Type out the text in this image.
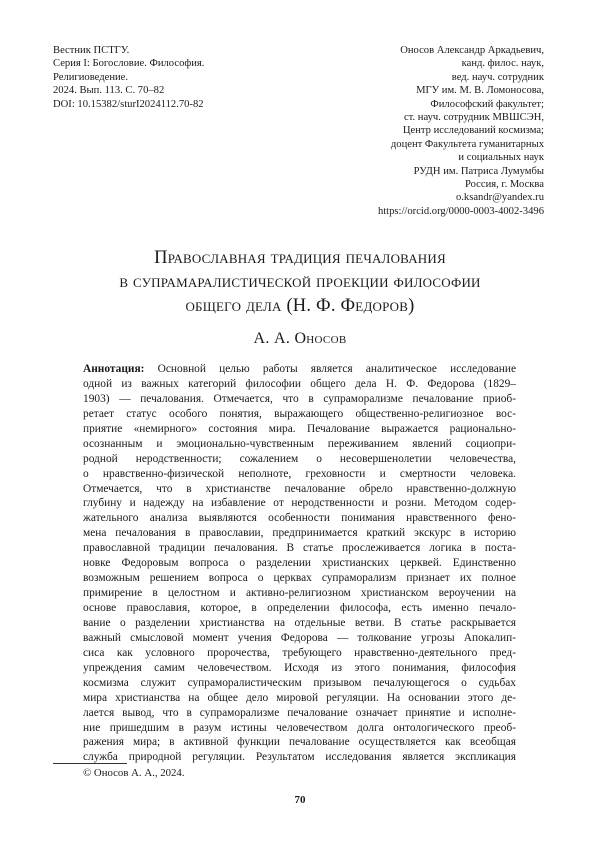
Вестник ПСТГУ.
Серия I: Богословие. Философия.
Религиоведение.
2024. Вып. 113. С. 70–82
DOI: 10.15382/sturI2024112.70-82
Оносов Александр Аркадьевич,
канд. филос. наук,
вед. науч. сотрудник
МГУ им. М. В. Ломоносова,
Философский факультет;
ст. науч. сотрудник МВШСЭН,
Центр исследований космизма;
доцент Факультета гуманитарных
и социальных наук
РУДН им. Патриса Лумумбы
Россия, г. Москва
o.ksandr@yandex.ru
https://orcid.org/0000-0003-4002-3496
Православная традиция печалования
в супрамаралистической проекции философии
общего дела (Н. Ф. Федоров)
А. А. Оносов
Аннотация: Основной целью работы является аналитическое исследование
одной из важных категорий философии общего дела Н. Ф. Федорова (1829–
1903) — печалования. Отмечается, что в супраморализме печалование приоб-
ретает статус особого понятия, выражающего общественно-религиозное вос-
приятие «немирного» состояния мира. Печалование выражается рационально-
осознанным и эмоционально-чувственным переживанием явлений социопри-
родной неродственности; сожалением о несовершенолетии человечества,
о нравственно-физической неполноте, греховности и смертности человека.
Отмечается, что в христианстве печалование обрело нравственно-должную
глубину и надежду на избавление от неродственности и розни. Методом содер-
жательного анализа выявляются особенности понимания нравственного фено-
мена печалования в православии, предпринимается краткий экскурс в историю
православной традиции печалования. В статье прослеживается логика в поста-
новке Федоровым вопроса о разделении христианских церквей. Единственно
возможным решением вопроса о церквах супраморализм признает их полное
примирение в целостном и активно-религиозном христианском вероучении на
основе православия, которое, в определении философа, есть именно печало-
вание о разделении христианства на отдельные ветви. В статье раскрывается
важный смысловой момент учения Федорова — толкование угрозы Апокалип-
сиса как условного пророчества, требующего нравственно-деятельного пред-
упреждения самим человечеством. Исходя из этого понимания, философия
космизма служит супраморалистическим призывом печалующегося о судьбах
мира христианства на общее дело мировой регуляции. На основании этого де-
лается вывод, что в супраморализме печалование означает принятие и исполне-
ние пришедшим в разум истины человечеством долга онтологического преоб-
ражения мира; в активной функции печалование осуществляется как всеобщая
служба природной регуляции. Результатом исследования является экспликация
© Оносов А. А., 2024.
70
